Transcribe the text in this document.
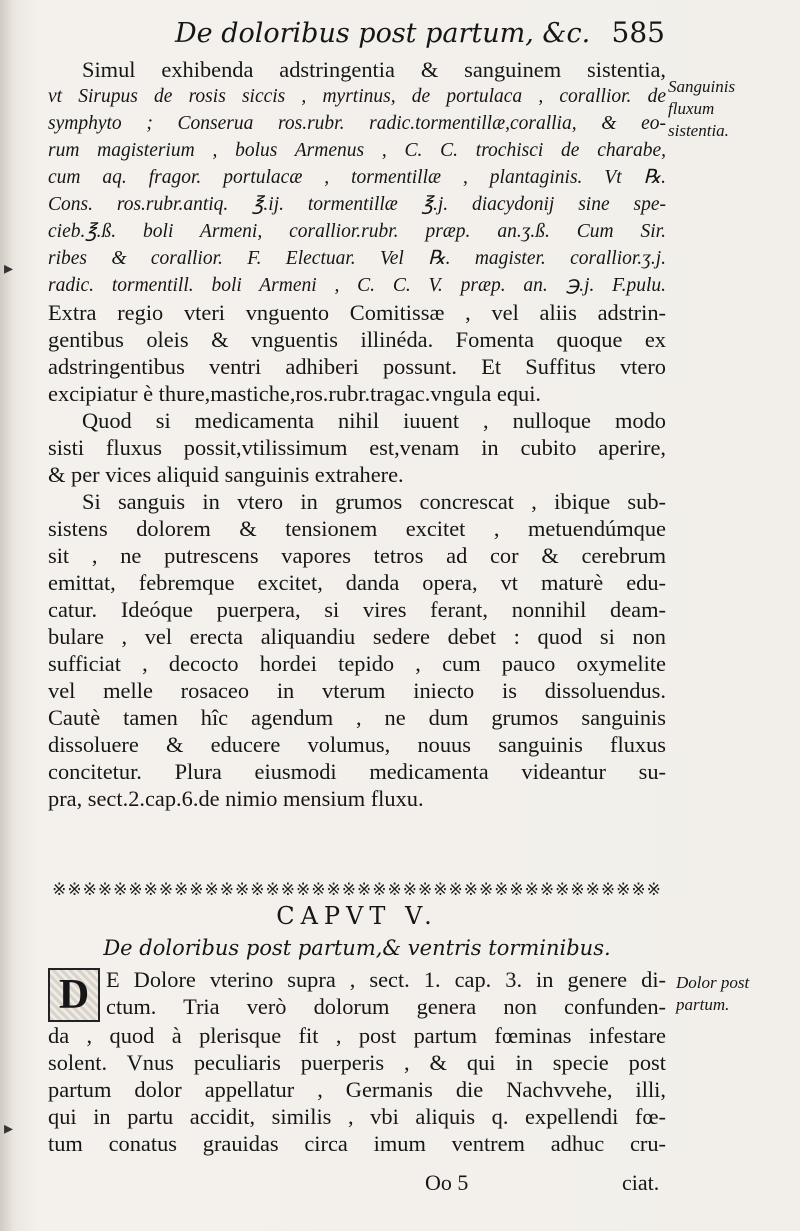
De doloribus post partum, &c. 585
Simul exhibenda adstringentia & sanguinem sistentia,
vt Sirupus de rosis siccis , myrtinus, de portulaca , corallior. de
symphyto ; Conserua ros.rubr. radic.tormentillæ,corallia, & eo-
rum magisterium , bolus Armenus , C. C. trochisci de charabe,
cum aq. fragor. portulacæ , tormentillæ , plantaginis. Vt ℞.
Cons. ros.rubr.antiq. ℥.ij. tormentillæ ℥.j. diacydonij sine spe-
cieb.℥.ß. boli Armeni, corallior.rubr. præp. an.ʒ.ß. Cum Sir.
ribes & corallior. F. Electuar. Vel ℞. magister. corallior.ʒ.j.
radic. tormentill. boli Armeni , C. C. V. præp. an. ℈.j. F.pulu.
Extra regio vteri vnguento Comitissæ , vel aliis adstrin-
gentibus oleis & vnguentis illinéda. Fomenta quoque ex
adstringentibus ventri adhiberi possunt. Et Suffitus vtero
excipiatur è thure,mastiche,ros.rubr.tragac.vngula equi.
Quod si medicamenta nihil iuuent , nulloque modo
sisti fluxus possit,vtilissimum est,venam in cubito aperire,
& per vices aliquid sanguinis extrahere.
Si sanguis in vtero in grumos concrescat , ibique sub-
sistens dolorem & tensionem excitet , metuendúmque
sit , ne putrescens vapores tetros ad cor & cerebrum
emittat, febremque excitet, danda opera, vt maturè edu-
catur. Ideóque puerpera, si vires ferant, nonnihil deam-
bulare , vel erecta aliquandiu sedere debet : quod si non
sufficiat , decocto hordei tepido , cum pauco oxymelite
vel melle rosaceo in vterum iniecto is dissoluendus.
Cautè tamen hîc agendum , ne dum grumos sanguinis
dissoluere & educere volumus, nouus sanguinis fluxus
concitetur. Plura eiusmodi medicamenta videantur su-
pra, sect.2.cap.6.de nimio mensium fluxu.
※※※※※※※※※※※※※※※※※※※※※※※※※※※※※※※※※※※※※※※※
CAPVT V.
De doloribus post partum,& ventris torminibus.
D E Dolore vterino supra , sect. 1. cap. 3. in genere di-
ctum. Tria verò dolorum genera non confunden-
da , quod à plerisque fit , post partum fœminas infestare
solent. Vnus peculiaris puerperis , & qui in specie post
partum dolor appellatur , Germanis die Nachvvehe, illi,
qui in partu accidit, similis , vbi aliquis q. expellendi fœ-
tum conatus grauidas circa imum ventrem adhuc cru-
Sanguinis
fluxum
sistentia.
Dolor post
partum.
Oo 5	ciat.
▸
▸
